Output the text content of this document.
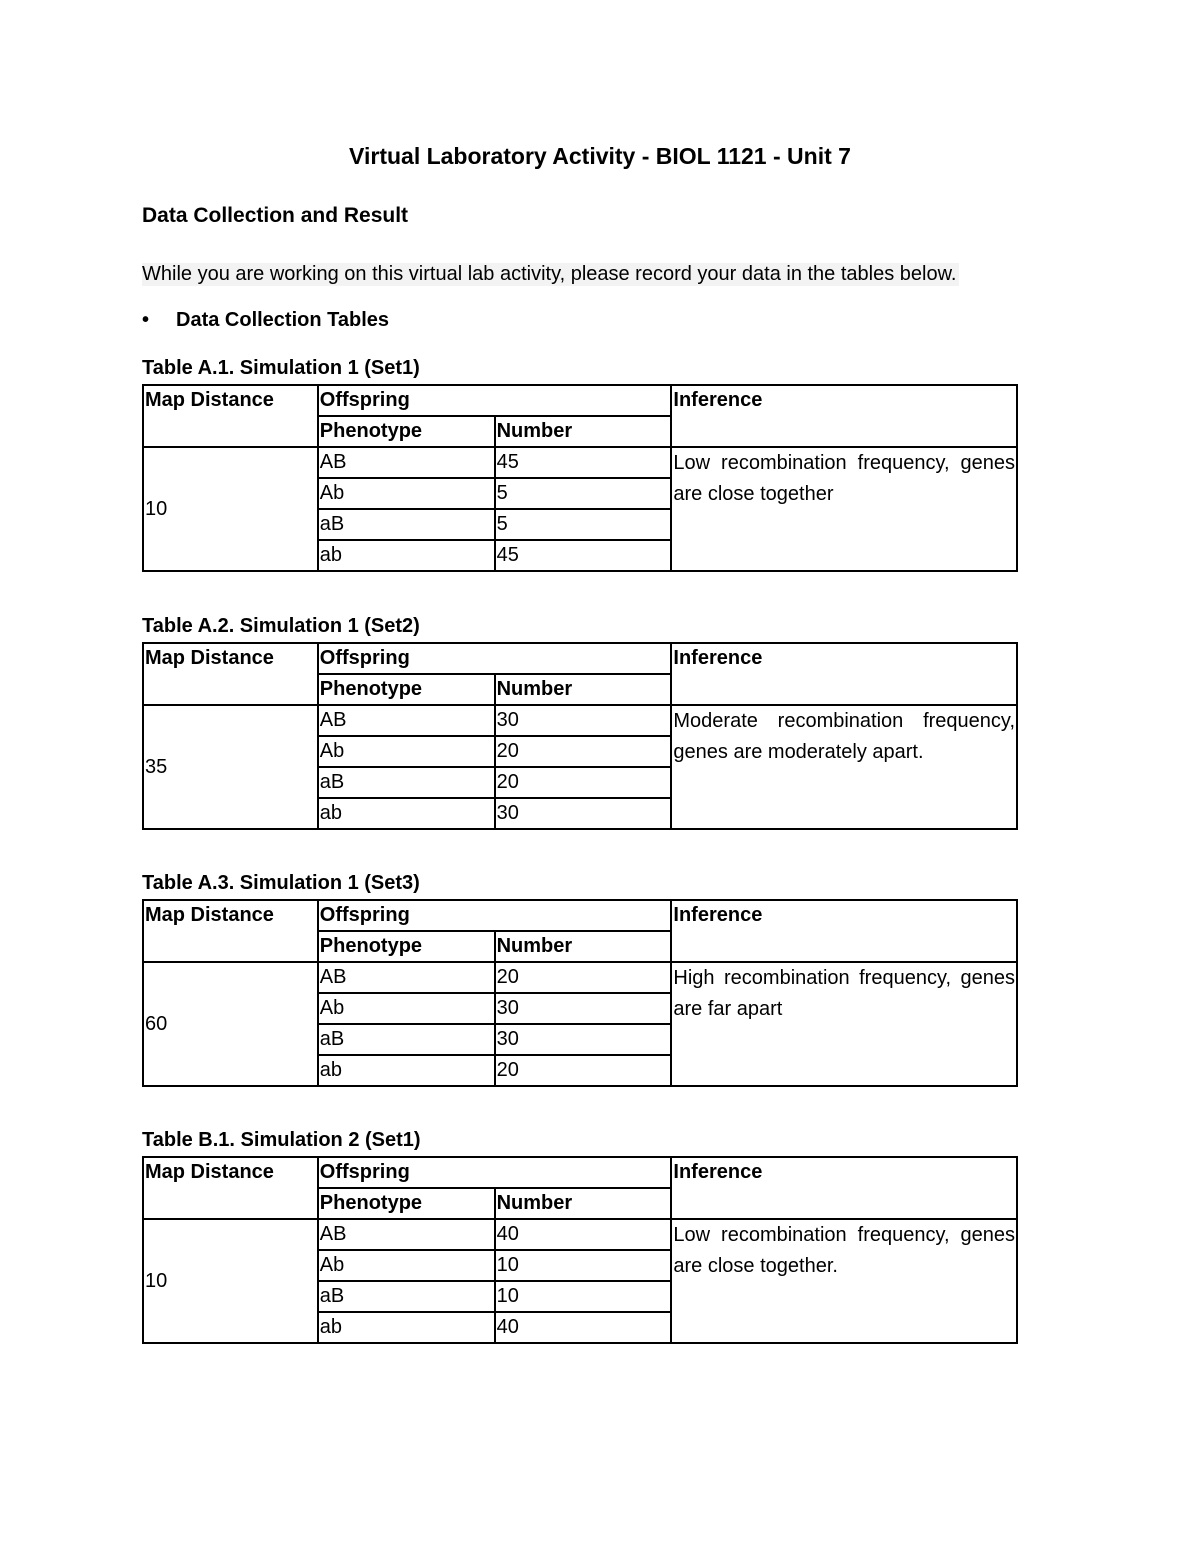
Virtual Laboratory Activity - BIOL 1121 - Unit 7
Data Collection and Result
While you are working on this virtual lab activity, please record your data in the tables below.
• Data Collection Tables
Table A.1. Simulation 1 (Set1)
Map Distance	Offspring		Inference
	Phenotype	Number	
10	AB	45	Low recombination frequency, genes are close together
	Ab	5	
	aB	5	
	ab	45	
Table A.2. Simulation 1 (Set2)
Map Distance	Offspring		Inference
	Phenotype	Number	
35	AB	30	Moderate recombination frequency, genes are moderately apart.
	Ab	20	
	aB	20	
	ab	30	
Table A.3. Simulation 1 (Set3)
Map Distance	Offspring		Inference
	Phenotype	Number	
60	AB	20	High recombination frequency, genes are far apart
	Ab	30	
	aB	30	
	ab	20	
Table B.1. Simulation 2 (Set1)
Map Distance	Offspring		Inference
	Phenotype	Number	
10	AB	40	Low recombination frequency, genes are close together.
	Ab	10	
	aB	10	
	ab	40	
